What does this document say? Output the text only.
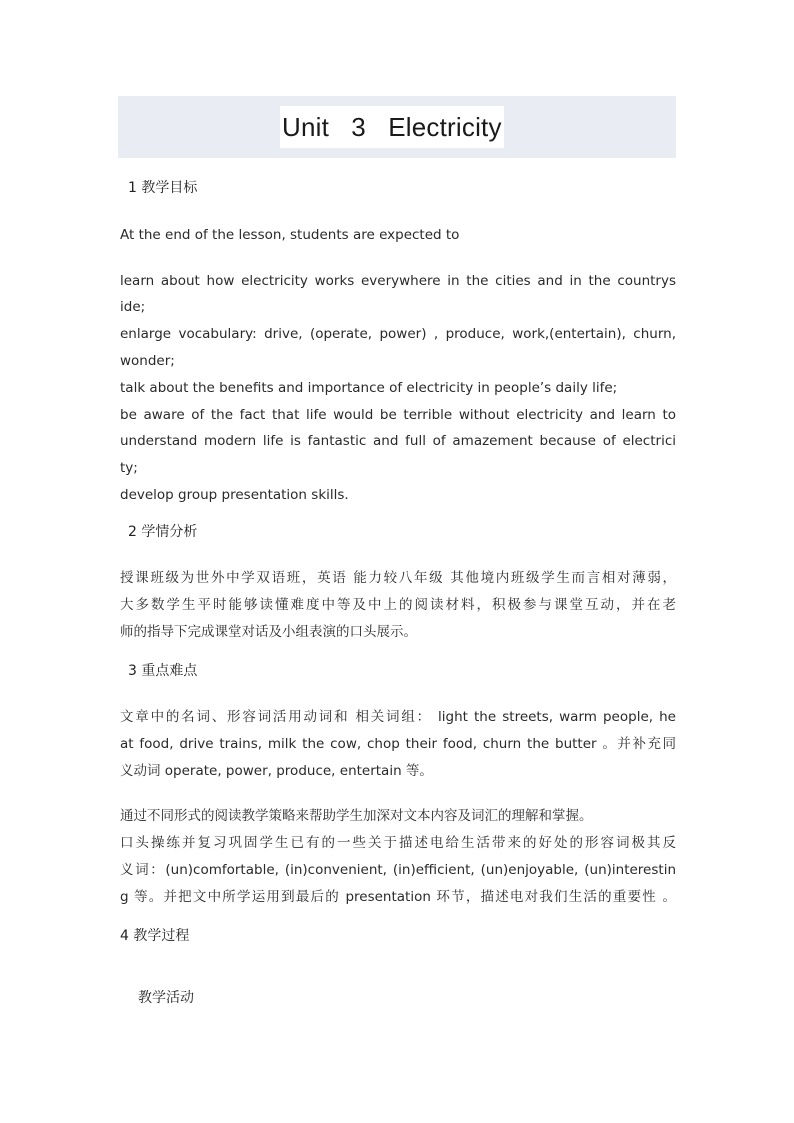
Unit   3   Electricity
1 教学目标
At the end of the lesson, students are expected to
learn about how electricity works everywhere in the cities and in the countrys
ide;
enlarge vocabulary: drive, (operate, power) , produce, work,(entertain), churn,
wonder;
talk about the benefits and importance of electricity in people’s daily life;
be aware of the fact that life would be terrible without electricity and learn to
understand modern life is fantastic and full of amazement because of electrici
ty;
develop group presentation skills.
2 学情分析
授课班级为世外中学双语班，英语 能力较八年级 其他境内班级学生而言相对薄弱，
大多数学生平时能够读懂难度中等及中上的阅读材料，积极参与课堂互动，并在老
师的指导下完成课堂对话及小组表演的口头展示。
3 重点难点
文章中的名词、形容词活用动词和 相关词组： light the streets, warm people, he
at food, drive trains, milk the cow, chop their food, churn the butter 。并补充同
义动词 operate, power, produce, entertain 等。
通过不同形式的阅读教学策略来帮助学生加深对文本内容及词汇的理解和掌握。
口头操练并复习巩固学生已有的一些关于描述电给生活带来的好处的形容词极其反
义词：(un)comfortable, (in)convenient, (in)efficient, (un)enjoyable, (un)interestin
g 等。并把文中所学运用到最后的 presentation 环节，描述电对我们生活的重要性 。
4 教学过程
教学活动
